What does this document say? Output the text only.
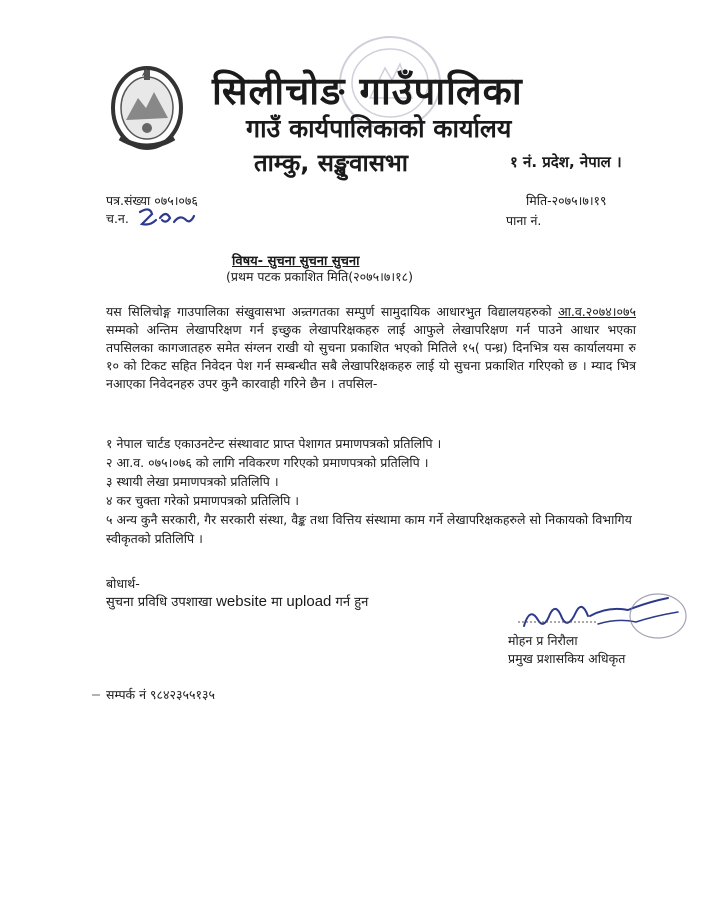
सिलीचोङ गाउँपालिका
गाउँ कार्यपालिकाको कार्यालय
ताम्कु, सङ्खुवासभा	१ नं. प्रदेश, नेपाल ।
पत्र.संख्या ०७५।०७६
च.न.
मिति-२०७५।७।१९
पाना नं.
विषय- सुचना सुचना सुचना
(प्रथम पटक प्रकाशित मिति(२०७५।७।१८)
यस सिलिचोङ्ग गाउपालिका संखुवासभा अन्र्तगतका सम्पुर्ण सामुदायिक आधारभुत विद्यालयहरुको आ.व.२०७४।०७५ सम्मको अन्तिम लेखापरिक्षण गर्न इच्छुक लेखापरिक्षकहरु लाई आफुले लेखापरिक्षण गर्न पाउने आधार भएका तपसिलका कागजातहरु समेत संग्लन राखी यो सुचना प्रकाशित भएको मितिले १५( पन्ध्र) दिनभित्र यस कार्यालयमा रु १० को टिकट सहित निवेदन पेश गर्न सम्बन्धीत सबै लेखापरिक्षकहरु लाई यो सुचना प्रकाशित गरिएको छ । म्याद भित्र नआएका निवेदनहरु उपर कुनै कारवाही गरिने छैन । तपसिल-
१ नेपाल चार्टड एकाउनटेन्ट संस्थावाट प्राप्त पेशागत प्रमाणपत्रको प्रतिलिपि ।
२ आ.व. ०७५।०७६ को लागि नविकरण गरिएको प्रमाणपत्रको प्रतिलिपि ।
३ स्थायी लेखा प्रमाणपत्रको प्रतिलिपि ।
४ कर चुक्ता गरेको प्रमाणपत्रको प्रतिलिपि ।
५ अन्य कुनै सरकारी, गैर सरकारी संस्था, वैङ्क तथा वित्तिय संस्थामा काम गर्ने लेखापरिक्षकहरुले सो निकायको विभागिय स्वीकृतको प्रतिलिपि ।
बोधार्थ-
सुचना प्रविधि उपशाखा website मा upload गर्न हुन
मोहन प्र निरौला
प्रमुख प्रशासकिय अधिकृत
सम्पर्क नं ९८४२३५५१३५
